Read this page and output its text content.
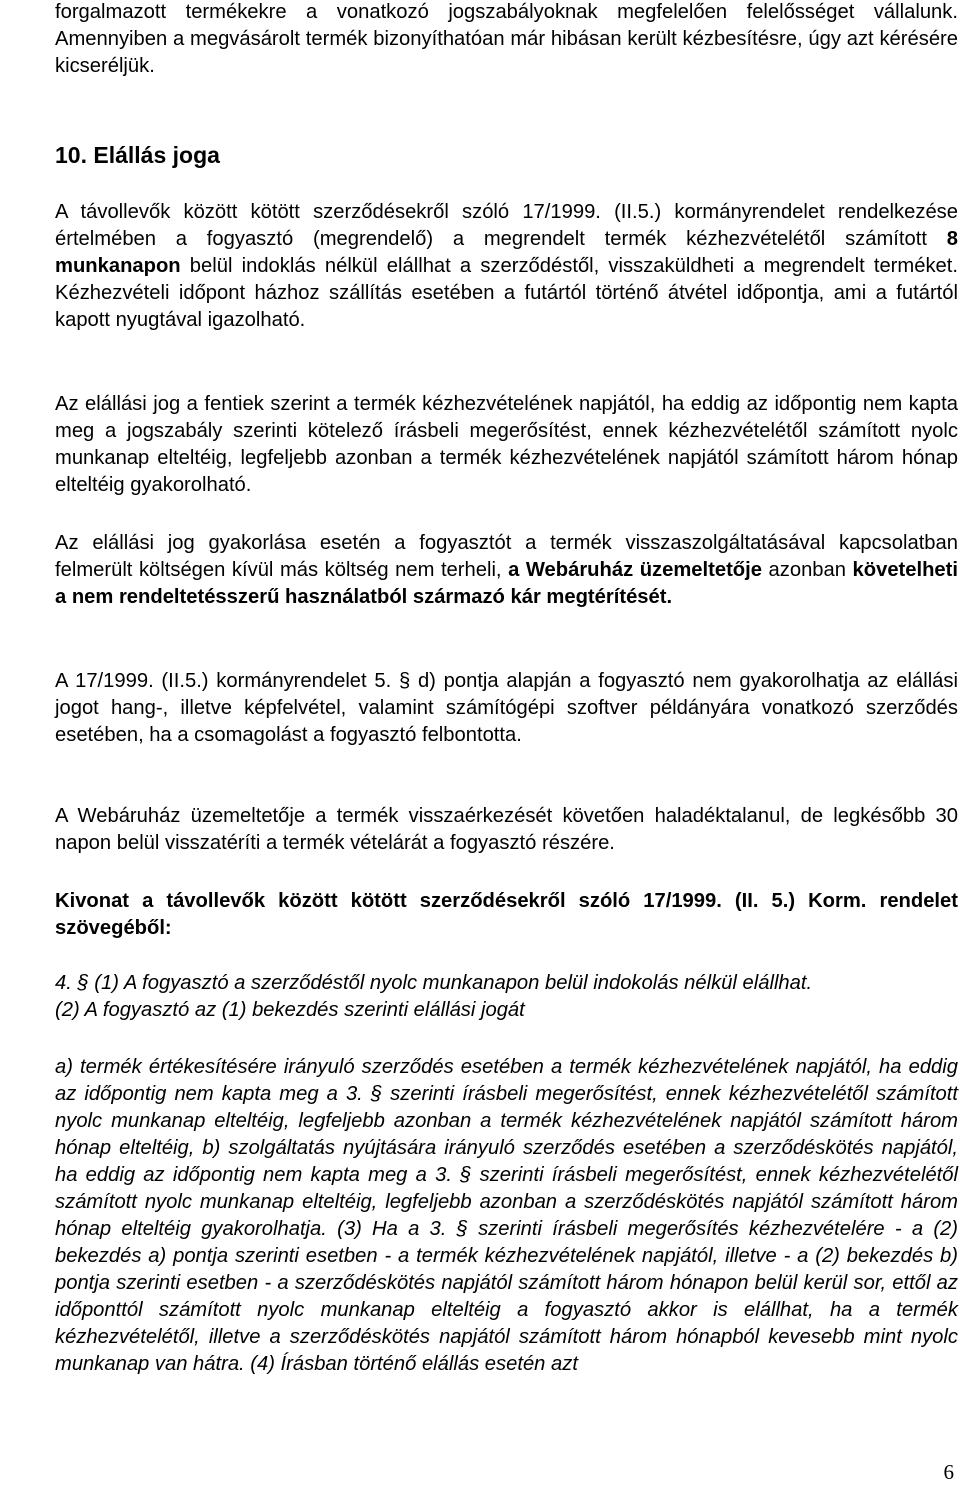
forgalmazott termékekre a vonatkozó jogszabályoknak megfelelően felelősséget vállalunk. Amennyiben a megvásárolt termék bizonyíthatóan már hibásan került kézbesítésre, úgy azt kérésére kicseréljük.

10. Elállás joga

A távollevők között kötött szerződésekről szóló 17/1999. (II.5.) kormányrendelet rendelkezése értelmében a fogyasztó (megrendelő) a megrendelt termék kézhezvételétől számított 8 munkanapon belül indoklás nélkül elállhat a szerződéstől, visszaküldheti a megrendelt terméket. Kézhezvételi időpont házhoz szállítás esetében a futártól történő átvétel időpontja, ami a futártól kapott nyugtával igazolható.

Az elállási jog a fentiek szerint a termék kézhezvételének napjától, ha eddig az időpontig nem kapta meg a jogszabály szerinti kötelező írásbeli megerősítést, ennek kézhezvételétől számított nyolc munkanap elteltéig, legfeljebb azonban a termék kézhezvételének napjától számított három hónap elteltéig gyakorolható.

Az elállási jog gyakorlása esetén a fogyasztót a termék visszaszolgáltatásával kapcsolatban felmerült költségen kívül más költség nem terheli, a Webáruház üzemeltetője azonban követelheti a nem rendeltetésszerű használatból származó kár megtérítését.

A 17/1999. (II.5.) kormányrendelet 5. § d) pontja alapján a fogyasztó nem gyakorolhatja az elállási jogot hang-, illetve képfelvétel, valamint számítógépi szoftver példányára vonatkozó szerződés esetében, ha a csomagolást a fogyasztó felbontotta.

A Webáruház üzemeltetője a termék visszaérkezését követően haladéktalanul, de legkésőbb 30 napon belül visszatéríti a termék vételárát a fogyasztó részére.

Kivonat a távollevők között kötött szerződésekről szóló 17/1999. (II. 5.) Korm. rendelet szövegéből:

4. § (1) A fogyasztó a szerződéstől nyolc munkanapon belül indokolás nélkül elállhat.

(2) A fogyasztó az (1) bekezdés szerinti elállási jogát

a) termék értékesítésére irányuló szerződés esetében a termék kézhezvételének napjától, ha eddig az időpontig nem kapta meg a 3. § szerinti írásbeli megerősítést, ennek kézhezvételétől számított nyolc munkanap elteltéig, legfeljebb azonban a termék kézhezvételének napjától számított három hónap elteltéig, b) szolgáltatás nyújtására irányuló szerződés esetében a szerződéskötés napjától, ha eddig az időpontig nem kapta meg a 3. § szerinti írásbeli megerősítést, ennek kézhezvételétől számított nyolc munkanap elteltéig, legfeljebb azonban a szerződéskötés napjától számított három hónap elteltéig gyakorolhatja. (3) Ha a 3. § szerinti írásbeli megerősítés kézhezvételére - a (2) bekezdés a) pontja szerinti esetben - a termék kézhezvételének napjától, illetve - a (2) bekezdés b) pontja szerinti esetben - a szerződéskötés napjától számított három hónapon belül kerül sor, ettől az időponttól számított nyolc munkanap elteltéig a fogyasztó akkor is elállhat, ha a termék kézhezvételétől, illetve a szerződéskötés napjától számított három hónapból kevesebb mint nyolc munkanap van hátra. (4) Írásban történő elállás esetén azt

6
